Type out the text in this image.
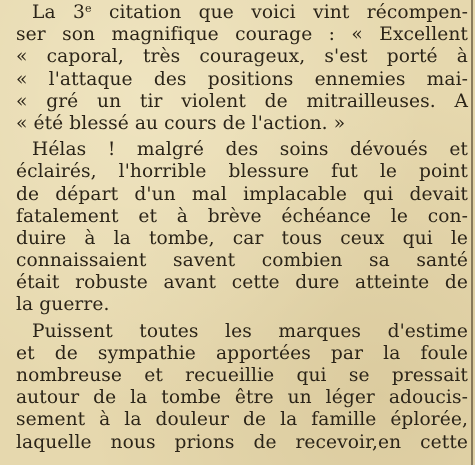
La 3e citation que voici vint récompen-
ser son magnifique courage : « Excellent
« caporal, très courageux, s'est porté à
« l'attaque des positions ennemies mai-
« gré un tir violent de mitrailleuses. A
« été blessé au cours de l'action. »
Hélas ! malgré des soins dévoués et
éclairés, l'horrible blessure fut le point
de départ d'un mal implacable qui devait
fatalement et à brève échéance le con-
duire à la tombe, car tous ceux qui le
connaissaient savent combien sa santé
était robuste avant cette dure atteinte de
la guerre.
Puissent toutes les marques d'estime
et de sympathie apportées par la foule
nombreuse et recueillie qui se pressait
autour de la tombe être un léger adoucis-
sement à la douleur de la famille éplorée,
laquelle nous prions de recevoir,en cette
